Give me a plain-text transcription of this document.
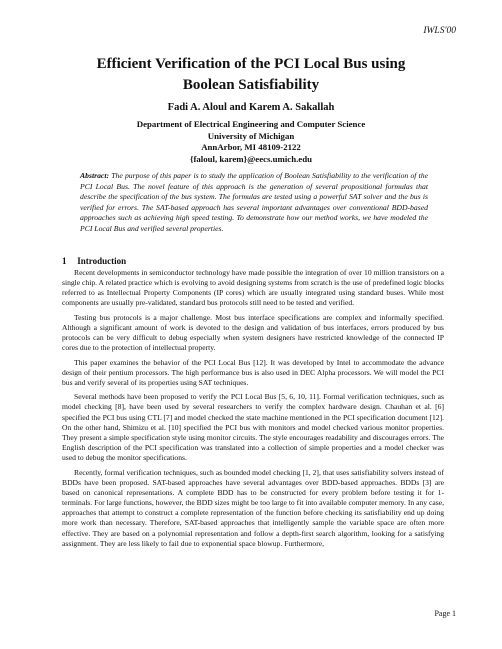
IWLS'00
Efficient Verification of the PCI Local Bus using
Boolean Satisfiability
Fadi A. Aloul and Karem A. Sakallah
Department of Electrical Engineering and Computer Science
University of Michigan
AnnArbor, MI 48109-2122
{faloul, karem}@eecs.umich.edu
Abstract: The purpose of this paper is to study the application of Boolean Satisfiability to the verification of the PCI Local Bus. The novel feature of this approach is the generation of several propositional formulas that describe the specification of the bus system. The formulas are tested using a powerful SAT solver and the bus is verified for errors. The SAT-based approach has several important advantages over conventional BDD-based approaches such as achieving high speed testing. To demonstrate how our method works, we have modeled the PCI Local Bus and verified several properties.
1 Introduction

Recent developments in semiconductor technology have made possible the integration of over 10 million transistors on a single chip. A related practice which is evolving to avoid designing systems from scratch is the use of predefined logic blocks referred to as Intellectual Property Components (IP cores) which are usually integrated using standard buses. While most components are usually pre-validated, standard bus protocols still need to be tested and verified.

Testing bus protocols is a major challenge. Most bus interface specifications are complex and informally specified. Although a significant amount of work is devoted to the design and validation of bus interfaces, errors produced by bus protocols can be very difficult to debug especially when system designers have restricted knowledge of the connected IP cores due to the protection of intellectual property.

This paper examines the behavior of the PCI Local Bus [12]. It was developed by Intel to accommodate the advance design of their pentium processors. The high performance bus is also used in DEC Alpha processors. We will model the PCI bus and verify several of its properties using SAT techniques.

Several methods have been proposed to verify the PCI Local Bus [5, 6, 10, 11]. Formal verification techniques, such as model checking [8], have been used by several researchers to verify the complex hardware design. Chauhan et al. [6] specified the PCI bus using CTL [7] and model checked the state machine mentioned in the PCI specification document [12]. On the other hand, Shimizu et al. [10] specified the PCI bus with monitors and model checked various monitor properties. They present a simple specification style using monitor circuits. The style encourages readability and discourages errors. The English description of the PCI specification was translated into a collection of simple properties and a model checker was used to debug the monitor specifications.

Recently, formal verification techniques, such as bounded model checking [1, 2], that uses satisfiability solvers instead of BDDs have been proposed. SAT-based approaches have several advantages over BDD-based approaches. BDDs [3] are based on canonical representations. A complete BDD has to be constructed for every problem before testing it for 1-terminals. For large functions, however, the BDD sizes might be too large to fit into available computer memory. In any case, approaches that attempt to construct a complete representation of the function before checking its satisfiability end up doing more work than necessary. Therefore, SAT-based approaches that intelligently sample the variable space are often more effective. They are based on a polynomial representation and follow a depth-first search algorithm, looking for a satisfying assignment. They are less likely to fail due to exponential space blowup. Furthermore,

Page 1
